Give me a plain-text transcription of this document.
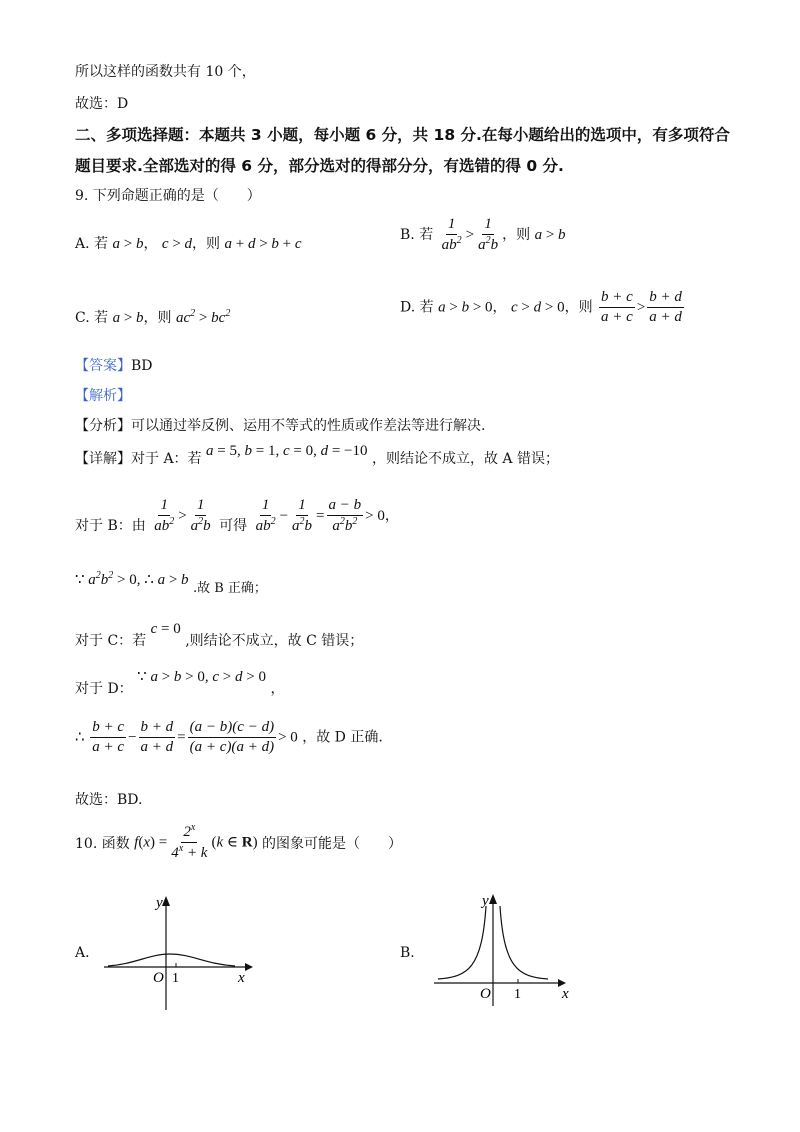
所以这样的函数共有 10 个，
故选：D
二、多项选择题：本题共 3 小题，每小题 6 分，共 18 分.在每小题给出的选项中，有多项符合
题目要求.全部选对的得 6 分，部分选对的得部分分，有选错的得 0 分.
9. 下列命题正确的是（　　）
A. 若 a > b， c > d，则 a + d > b + c
B. 若 $\frac{1}{ab^2} > \frac{1}{a^2b}$ ，则 a > b
C. 若 a > b，则 $ac^2 > bc^2$	D. 若 a > b > 0， c > d > 0，则 $\frac{b + c}{a + c} > \frac{b + d}{a + d}$
【答案】BD
【解析】
【分析】可以通过举反例、运用不等式的性质或作差法等进行解决.
【详解】对于 A：若 a = 5, b = 1, c = 0, d = −10 ，则结论不成立，故 A 错误；
对于 B：由 $\frac{1}{ab^2} > \frac{1}{a^2b}$ 可得 $\frac{1}{ab^2} - \frac{1}{a^2b} = \frac{a - b}{a^2b^2} > 0$，
∵ $a^2b^2 > 0$, ∴ a > b .故 B 正确；
对于 C：若 c = 0 ,则结论不成立，故 C 错误；
对于 D： ∵ a > b > 0, c > d > 0 ，
∴ $\frac{b + c}{a + c} - \frac{b + d}{a + d} = \frac{(a - b)(c - d)}{(a + c)(a + d)} > 0$ ，故 D 正确.
故选：BD.
10. 函数 $f(x) = \frac{2^x}{4^x + k} (k$ ∈ R) 的图象可能是（　　）
A.
y
x
O 1
B.
y
x
O 1
